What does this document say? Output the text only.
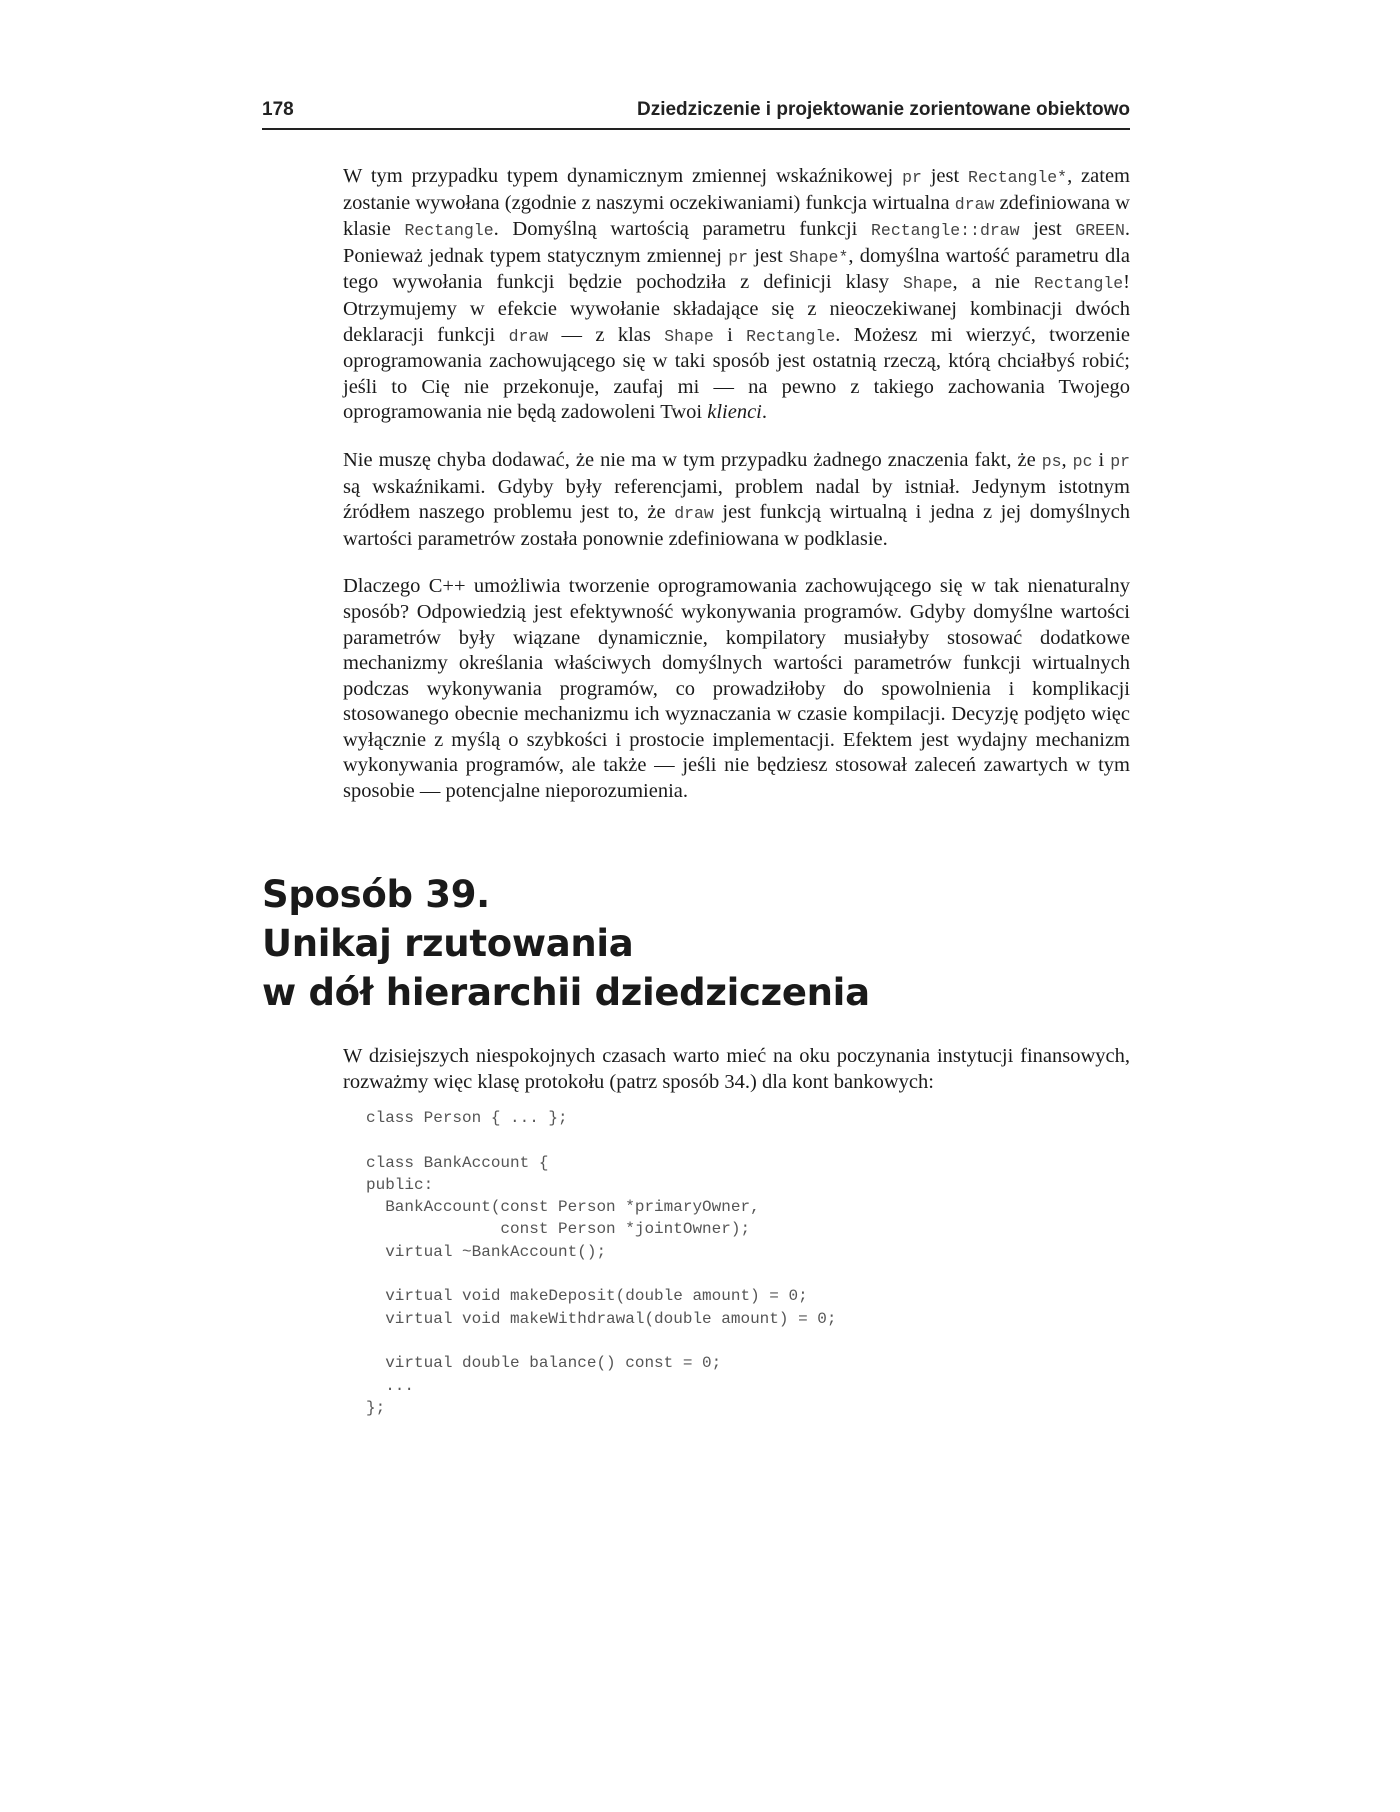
178	Dziedziczenie i projektowanie zorientowane obiektowo

W tym przypadku typem dynamicznym zmiennej wskaźnikowej pr jest Rectangle*, zatem zostanie wywołana (zgodnie z naszymi oczekiwaniami) funkcja wirtualna draw zdefiniowana w klasie Rectangle. Domyślną wartością parametru funkcji Rectangle::draw jest GREEN. Ponieważ jednak typem statycznym zmiennej pr jest Shape*, domyślna wartość parametru dla tego wywołania funkcji będzie pochodziła z definicji klasy Shape, a nie Rectangle! Otrzymujemy w efekcie wywołanie składające się z nieoczekiwanej kombinacji dwóch deklaracji funkcji draw — z klas Shape i Rectangle. Możesz mi wierzyć, tworzenie oprogramowania zachowującego się w taki sposób jest ostatnią rzeczą, którą chciałbyś robić; jeśli to Cię nie przekonuje, zaufaj mi — na pewno z takiego zachowania Twojego oprogramowania nie będą zadowoleni Twoi klienci.

Nie muszę chyba dodawać, że nie ma w tym przypadku żadnego znaczenia fakt, że ps, pc i pr są wskaźnikami. Gdyby były referencjami, problem nadal by istniał. Jedynym istotnym źródłem naszego problemu jest to, że draw jest funkcją wirtualną i jedna z jej domyślnych wartości parametrów została ponownie zdefiniowana w podklasie.

Dlaczego C++ umożliwia tworzenie oprogramowania zachowującego się w tak nienaturalny sposób? Odpowiedzią jest efektywność wykonywania programów. Gdyby domyślne wartości parametrów były wiązane dynamicznie, kompilatory musiałyby stosować dodatkowe mechanizmy określania właściwych domyślnych wartości parametrów funkcji wirtualnych podczas wykonywania programów, co prowadziłoby do spowolnienia i komplikacji stosowanego obecnie mechanizmu ich wyznaczania w czasie kompilacji. Decyzję podjęto więc wyłącznie z myślą o szybkości i prostocie implementacji. Efektem jest wydajny mechanizm wykonywania programów, ale także — jeśli nie będziesz stosował zaleceń zawartych w tym sposobie — potencjalne nieporozumienia.

Sposób 39.
Unikaj rzutowania
w dół hierarchii dziedziczenia

W dzisiejszych niespokojnych czasach warto mieć na oku poczynania instytucji finansowych, rozważmy więc klasę protokołu (patrz sposób 34.) dla kont bankowych:

class Person { ... };
class BankAccount {
public:
BankAccount(const Person *primaryOwner,
const Person *jointOwner);
virtual ~BankAccount();
virtual void makeDeposit(double amount) = 0;
virtual void makeWithdrawal(double amount) = 0;
virtual double balance() const = 0;
...
};
